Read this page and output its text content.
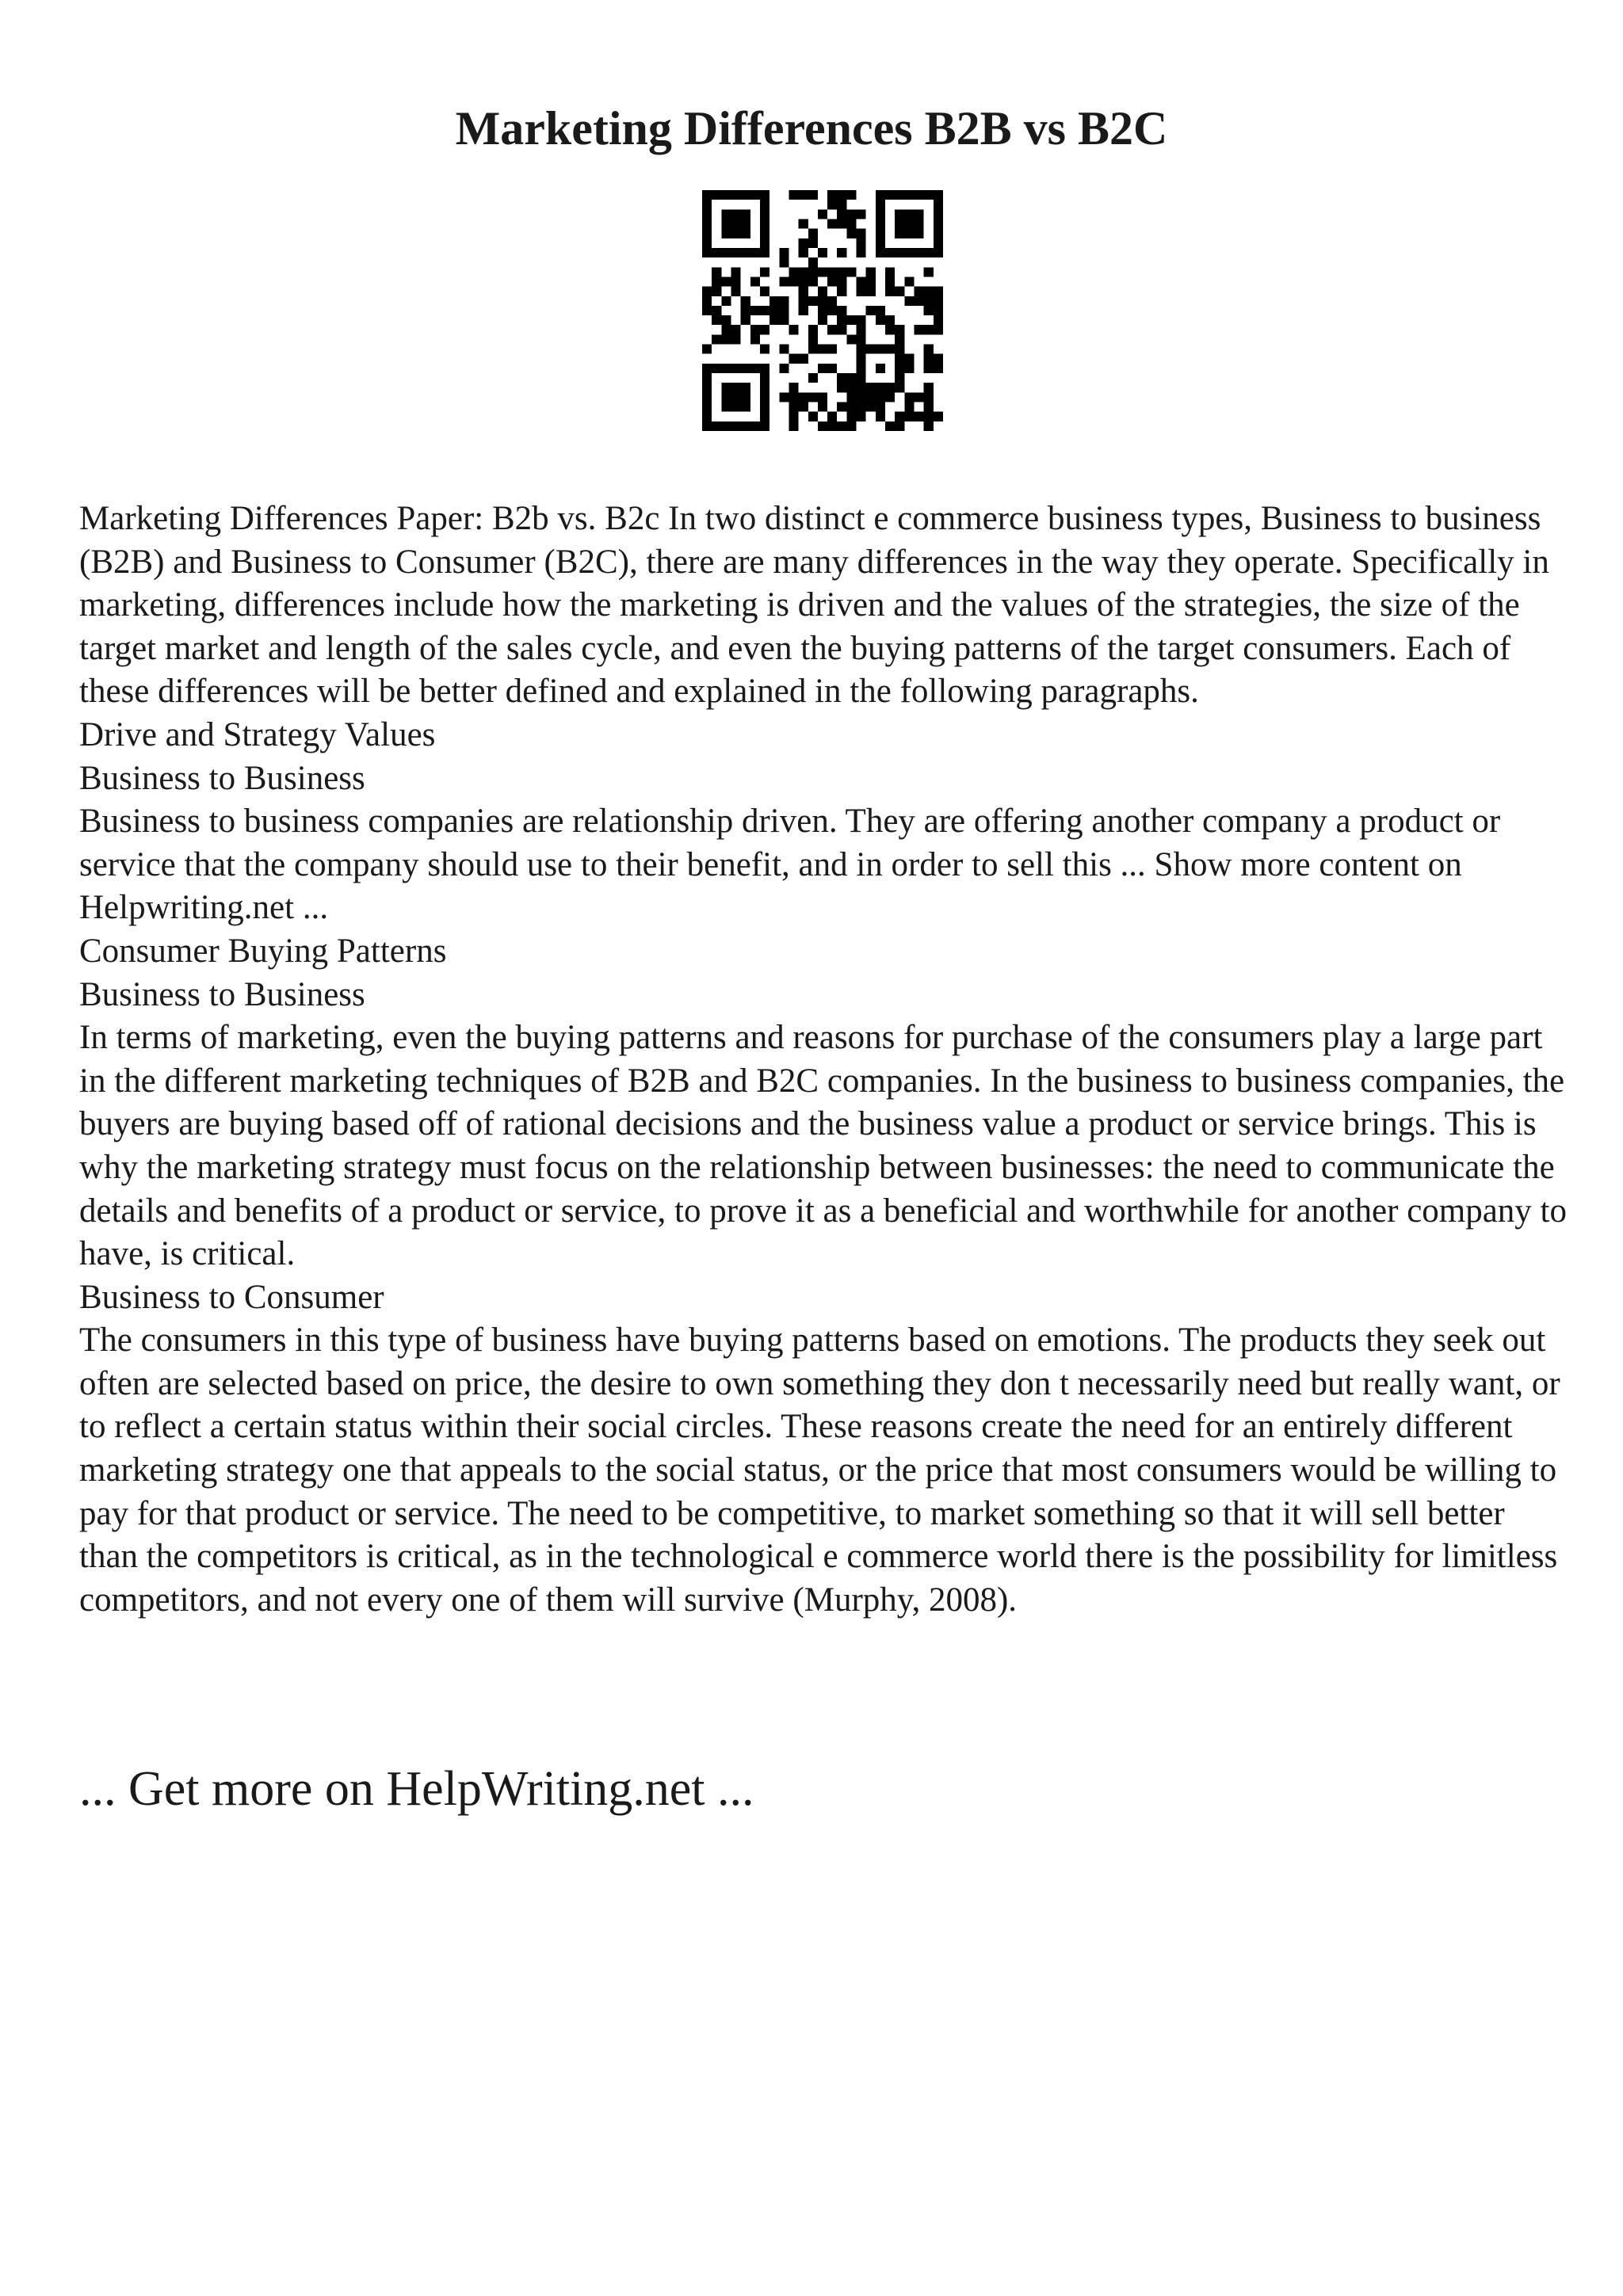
Marketing Differences B2B vs B2C

Marketing Differences Paper: B2b vs. B2c In two distinct e commerce business types, Business to business (B2B) and Business to Consumer (B2C), there are many differences in the way they operate. Specifically in marketing, differences include how the marketing is driven and the values of the strategies, the size of the target market and length of the sales cycle, and even the buying patterns of the target consumers. Each of these differences will be better defined and explained in the following paragraphs.

Drive and Strategy Values

Business to Business

Business to business companies are relationship driven. They are offering another company a product or service that the company should use to their benefit, and in order to sell this ... Show more content on Helpwriting.net ...

Consumer Buying Patterns

Business to Business

In terms of marketing, even the buying patterns and reasons for purchase of the consumers play a large part in the different marketing techniques of B2B and B2C companies. In the business to business companies, the buyers are buying based off of rational decisions and the business value a product or service brings. This is why the marketing strategy must focus on the relationship between businesses: the need to communicate the details and benefits of a product or service, to prove it as a beneficial and worthwhile for another company to have, is critical.

Business to Consumer

The consumers in this type of business have buying patterns based on emotions. The products they seek out often are selected based on price, the desire to own something they don t necessarily need but really want, or to reflect a certain status within their social circles. These reasons create the need for an entirely different marketing strategy one that appeals to the social status, or the price that most consumers would be willing to pay for that product or service. The need to be competitive, to market something so that it will sell better than the competitors is critical, as in the technological e commerce world there is the possibility for limitless competitors, and not every one of them will survive (Murphy, 2008).

... Get more on HelpWriting.net ...
